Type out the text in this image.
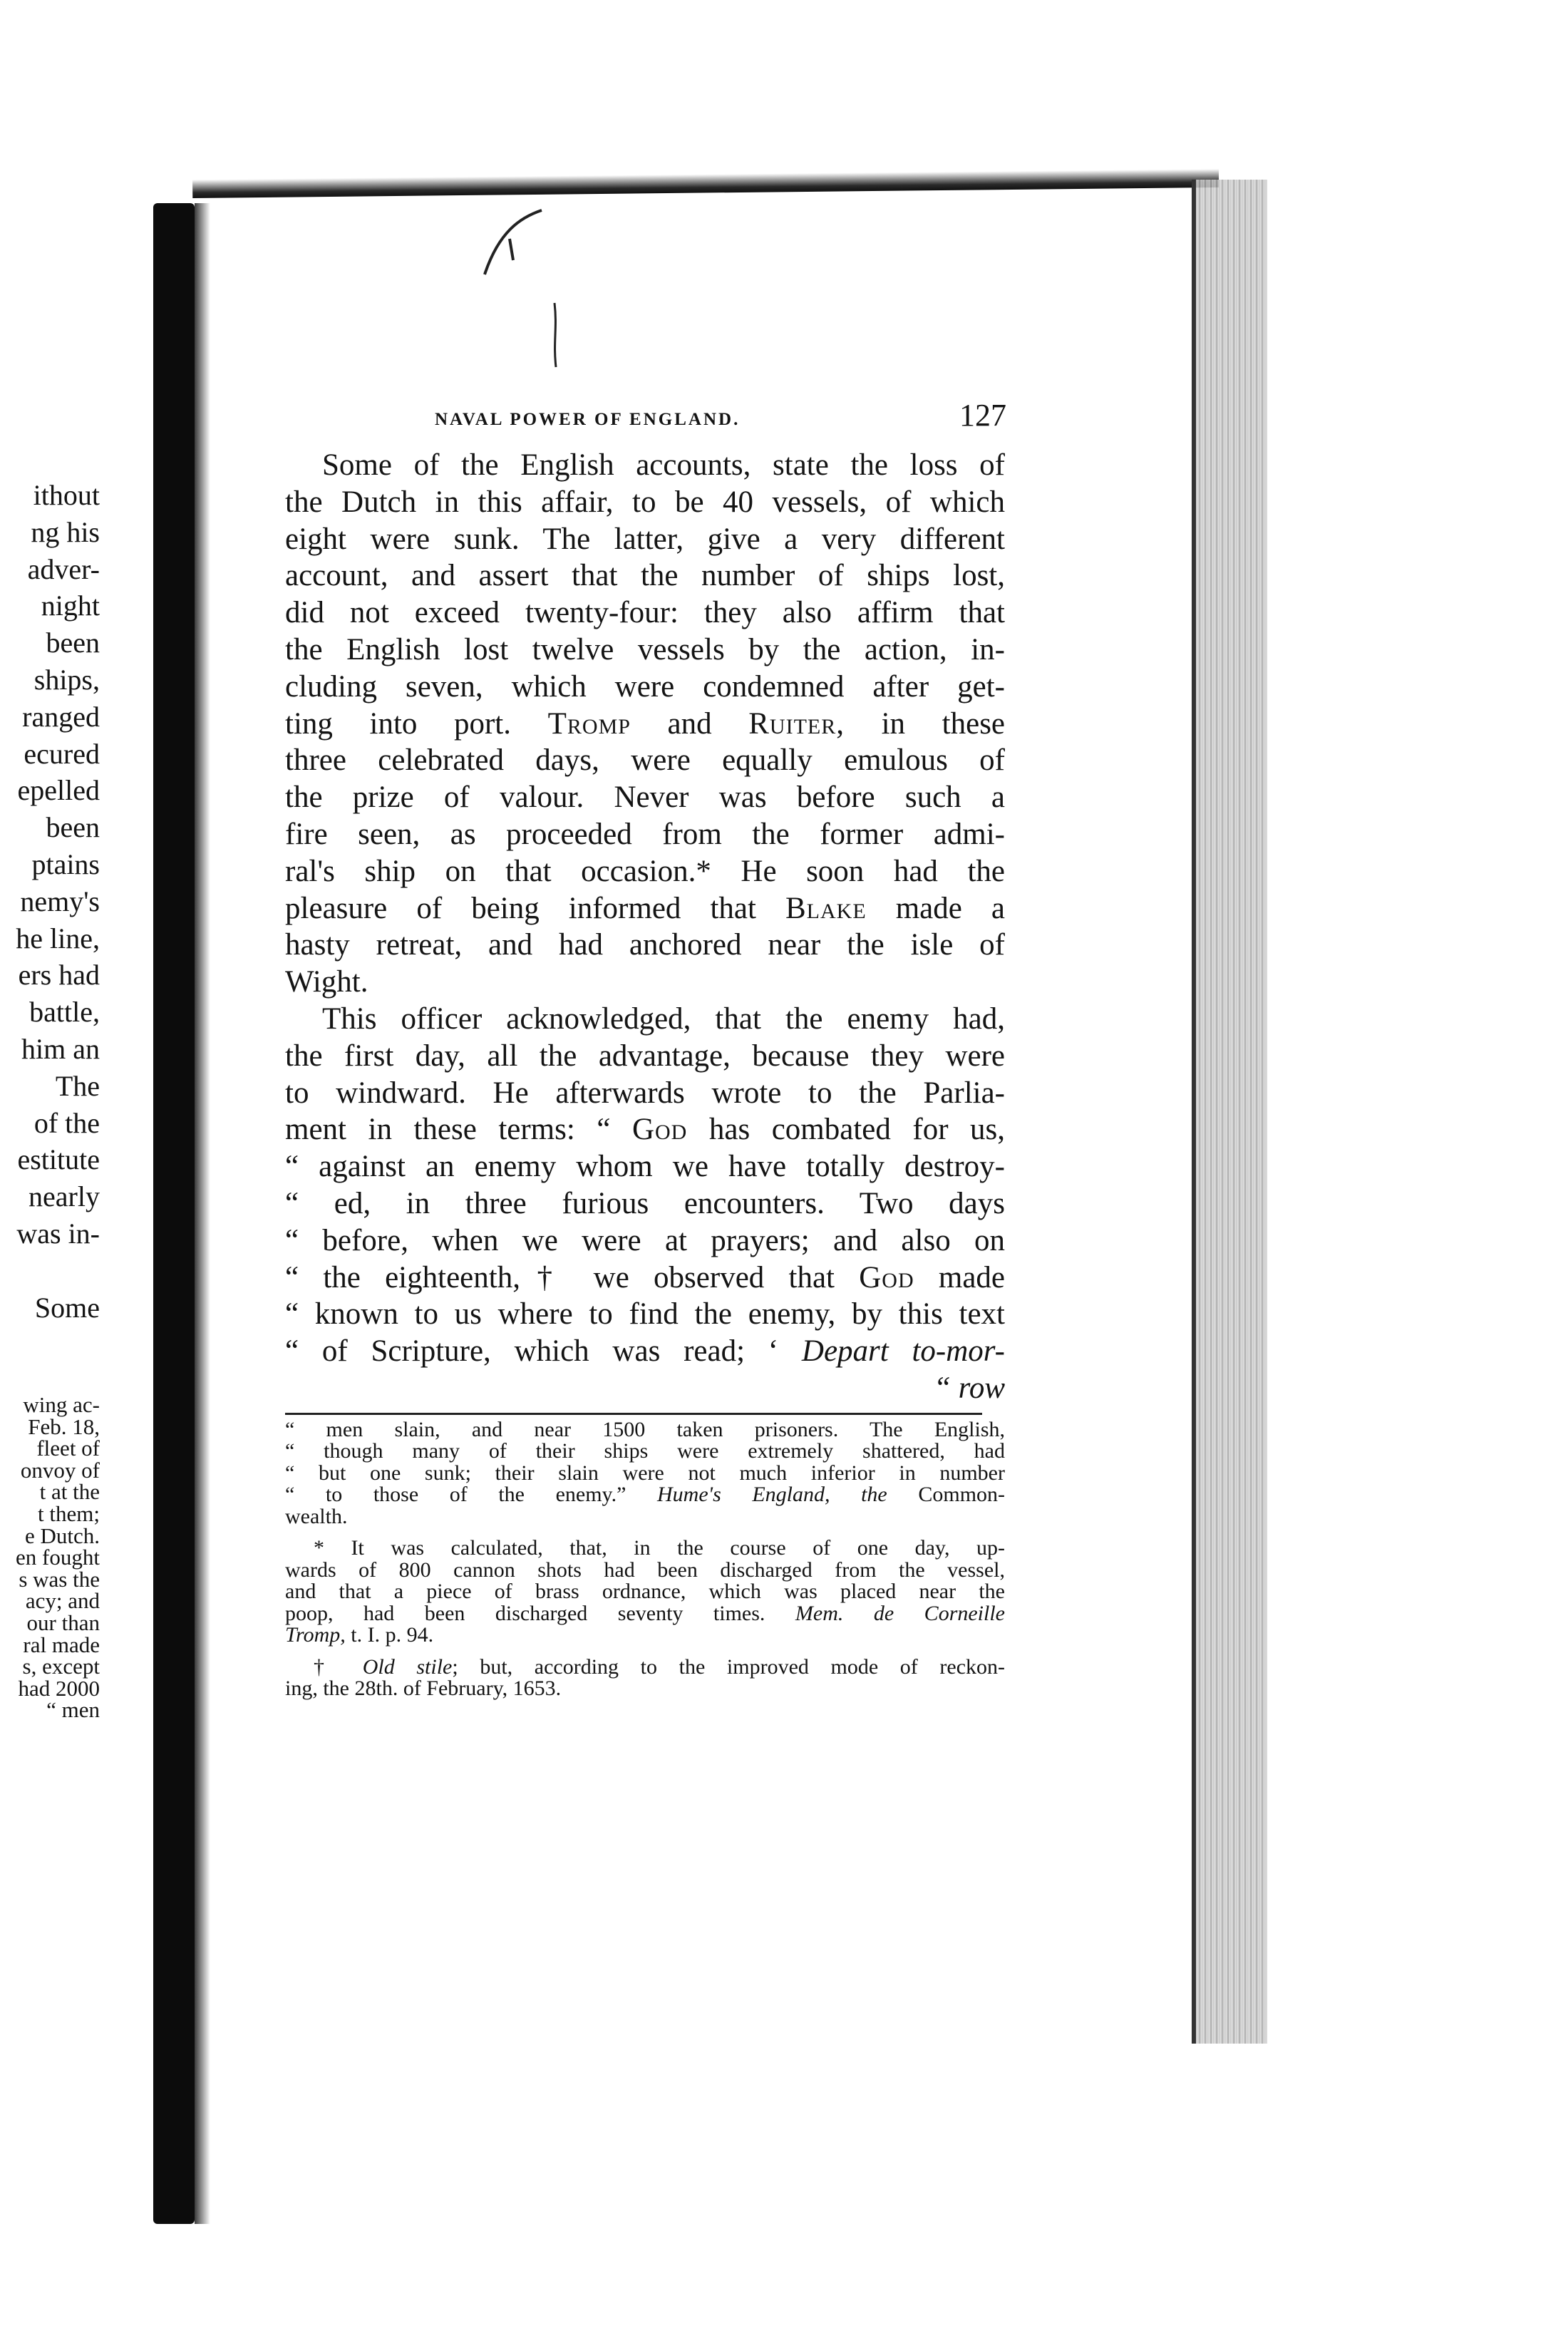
ithout
ng his
adver-
night
been
ships,
ranged
ecured
epelled
been
ptains
nemy's
he line,
ers had
battle,
him an
The
of the
estitute
nearly
was in-
Some
wing ac-
Feb. 18,
fleet of
onvoy of
t at the
t them;
e Dutch.
en fought
s was the
acy; and
our than
ral made
s, except
had 2000
“ men
NAVAL POWER OF ENGLAND.	127
Some of the English accounts, state the loss of
the Dutch in this affair, to be 40 vessels, of which
eight were sunk. The latter, give a very different
account, and assert that the number of ships lost,
did not exceed twenty-four: they also affirm that
the English lost twelve vessels by the action, in-
cluding seven, which were condemned after get-
ting into port. Tromp and Ruiter, in these
three celebrated days, were equally emulous of
the prize of valour. Never was before such a
fire seen, as proceeded from the former admi-
ral's ship on that occasion.* He soon had the
pleasure of being informed that Blake made a
hasty retreat, and had anchored near the isle of
Wight.
This officer acknowledged, that the enemy had,
the first day, all the advantage, because they were
to windward. He afterwards wrote to the Parlia-
ment in these terms: “ God has combated for us,
“ against an enemy whom we have totally destroy-
“ ed, in three furious encounters. Two days
“ before, when we were at prayers; and also on
“ the eighteenth,† we observed that God made
“ known to us where to find the enemy, by this text
“ of Scripture, which was read; ‘ Depart to-mor-
“ row
“ men slain, and near 1500 taken prisoners. The English,
“ though many of their ships were extremely shattered, had
“ but one sunk; their slain were not much inferior in number
“ to those of the enemy.” Hume's England, the Common-
wealth.
* It was calculated, that, in the course of one day, up-
wards of 800 cannon shots had been discharged from the vessel,
and that a piece of brass ordnance, which was placed near the
poop, had been discharged seventy times. Mem. de Corneille
Tromp, t. I. p. 94.
† Old stile; but, according to the improved mode of reckon-
ing, the 28th. of February, 1653.
